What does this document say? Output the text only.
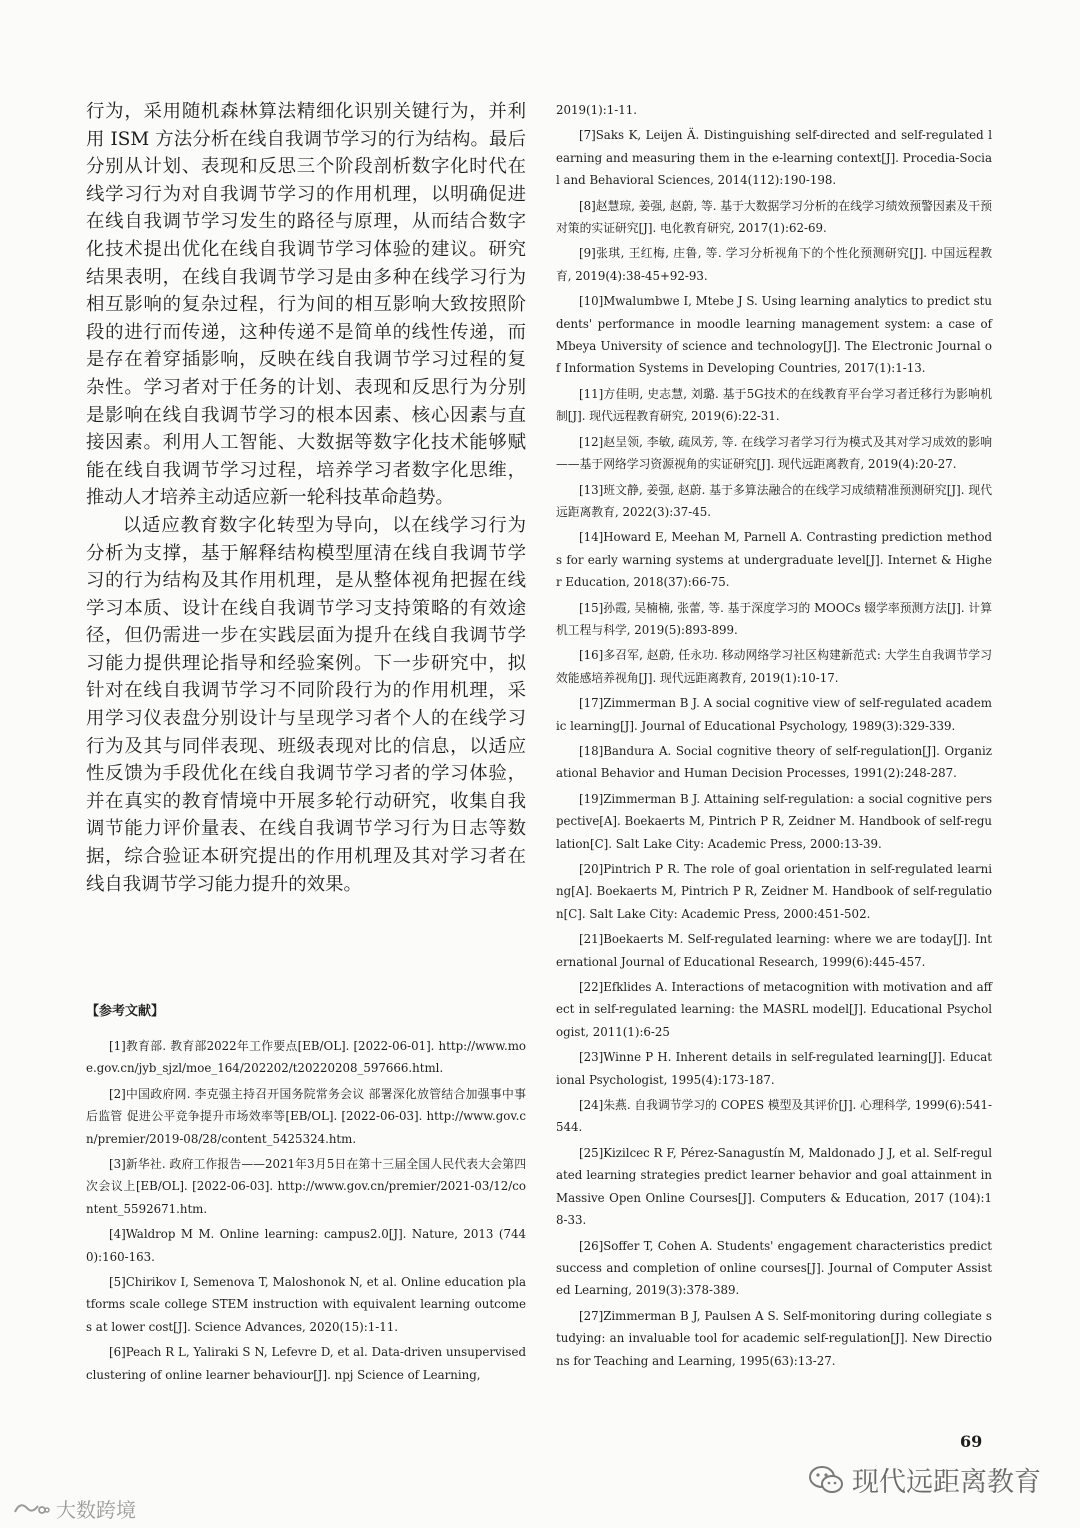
行为，采用随机森林算法精细化识别关键行为，并利用 ISM 方法分析在线自我调节学习的行为结构。最后分别从计划、表现和反思三个阶段剖析数字化时代在线学习行为对自我调节学习的作用机理，以明确促进在线自我调节学习发生的路径与原理，从而结合数字化技术提出优化在线自我调节学习体验的建议。研究结果表明，在线自我调节学习是由多种在线学习行为相互影响的复杂过程，行为间的相互影响大致按照阶段的进行而传递，这种传递不是简单的线性传递，而是存在着穿插影响，反映在线自我调节学习过程的复杂性。学习者对于任务的计划、表现和反思行为分别是影响在线自我调节学习的根本因素、核心因素与直接因素。利用人工智能、大数据等数字化技术能够赋能在线自我调节学习过程，培养学习者数字化思维，推动人才培养主动适应新一轮科技革命趋势。

以适应教育数字化转型为导向，以在线学习行为分析为支撑，基于解释结构模型厘清在线自我调节学习的行为结构及其作用机理，是从整体视角把握在线学习本质、设计在线自我调节学习支持策略的有效途径，但仍需进一步在实践层面为提升在线自我调节学习能力提供理论指导和经验案例。下一步研究中，拟针对在线自我调节学习不同阶段行为的作用机理，采用学习仪表盘分别设计与呈现学习者个人的在线学习行为及其与同伴表现、班级表现对比的信息，以适应性反馈为手段优化在线自我调节学习者的学习体验，并在真实的教育情境中开展多轮行动研究，收集自我调节能力评价量表、在线自我调节学习行为日志等数据，综合验证本研究提出的作用机理及其对学习者在线自我调节学习能力提升的效果。

【参考文献】

[1]教育部. 教育部2022年工作要点[EB/OL]. [2022-06-01]. http://www.moe.gov.cn/jyb_sjzl/moe_164/202202/t20220208_597666.html.

[2]中国政府网. 李克强主持召开国务院常务会议 部署深化放管结合加强事中事后监管 促进公平竞争提升市场效率等[EB/OL]. [2022-06-03]. http://www.gov.cn/premier/2019-08/28/content_5425324.htm.

[3]新华社. 政府工作报告——2021年3月5日在第十三届全国人民代表大会第四次会议上[EB/OL]. [2022-06-03]. http://www.gov.cn/premier/2021-03/12/content_5592671.htm.

[4]Waldrop M M. Online learning: campus2.0[J]. Nature, 2013 (7440):160-163.

[5]Chirikov I, Semenova T, Maloshonok N, et al. Online education platforms scale college STEM instruction with equivalent learning outcomes at lower cost[J]. Science Advances, 2020(15):1-11.

[6]Peach R L, Yaliraki S N, Lefevre D, et al. Data-driven unsupervised clustering of online learner behaviour[J]. npj Science of Learning,

2019(1):1-11.

[7]Saks K, Leijen Ä. Distinguishing self-directed and self-regulated learning and measuring them in the e-learning context[J]. Procedia-Social and Behavioral Sciences, 2014(112):190-198.

[8]赵慧琼, 姜强, 赵蔚, 等. 基于大数据学习分析的在线学习绩效预警因素及干预对策的实证研究[J]. 电化教育研究, 2017(1):62-69.

[9]张琪, 王红梅, 庄鲁, 等. 学习分析视角下的个性化预测研究[J]. 中国远程教育, 2019(4):38-45+92-93.

[10]Mwalumbwe I, Mtebe J S. Using learning analytics to predict students' performance in moodle learning management system: a case of Mbeya University of science and technology[J]. The Electronic Journal of Information Systems in Developing Countries, 2017(1):1-13.

[11]方佳明, 史志慧, 刘璐. 基于5G技术的在线教育平台学习者迁移行为影响机制[J]. 现代远程教育研究, 2019(6):22-31.

[12]赵呈领, 李敏, 疏凤芳, 等. 在线学习者学习行为模式及其对学习成效的影响——基于网络学习资源视角的实证研究[J]. 现代远距离教育, 2019(4):20-27.

[13]班文静, 姜强, 赵蔚. 基于多算法融合的在线学习成绩精准预测研究[J]. 现代远距离教育, 2022(3):37-45.

[14]Howard E, Meehan M, Parnell A. Contrasting prediction methods for early warning systems at undergraduate level[J]. Internet & Higher Education, 2018(37):66-75.

[15]孙霞, 吴楠楠, 张蕾, 等. 基于深度学习的 MOOCs 辍学率预测方法[J]. 计算机工程与科学, 2019(5):893-899.

[16]多召军, 赵蔚, 任永功. 移动网络学习社区构建新范式: 大学生自我调节学习效能感培养视角[J]. 现代远距离教育, 2019(1):10-17.

[17]Zimmerman B J. A social cognitive view of self-regulated academic learning[J]. Journal of Educational Psychology, 1989(3):329-339.

[18]Bandura A. Social cognitive theory of self-regulation[J]. Organizational Behavior and Human Decision Processes, 1991(2):248-287.

[19]Zimmerman B J. Attaining self-regulation: a social cognitive perspective[A]. Boekaerts M, Pintrich P R, Zeidner M. Handbook of self-regulation[C]. Salt Lake City: Academic Press, 2000:13-39.

[20]Pintrich P R. The role of goal orientation in self-regulated learning[A]. Boekaerts M, Pintrich P R, Zeidner M. Handbook of self-regulation[C]. Salt Lake City: Academic Press, 2000:451-502.

[21]Boekaerts M. Self-regulated learning: where we are today[J]. International Journal of Educational Research, 1999(6):445-457.

[22]Efklides A. Interactions of metacognition with motivation and affect in self-regulated learning: the MASRL model[J]. Educational Psychologist, 2011(1):6-25

[23]Winne P H. Inherent details in self-regulated learning[J]. Educational Psychologist, 1995(4):173-187.

[24]朱燕. 自我调节学习的 COPES 模型及其评价[J]. 心理科学, 1999(6):541-544.

[25]Kizilcec R F, Pérez-Sanagustín M, Maldonado J J, et al. Self-regulated learning strategies predict learner behavior and goal attainment in Massive Open Online Courses[J]. Computers & Education, 2017 (104):18-33.

[26]Soffer T, Cohen A. Students' engagement characteristics predict success and completion of online courses[J]. Journal of Computer Assisted Learning, 2019(3):378-389.

[27]Zimmerman B J, Paulsen A S. Self-monitoring during collegiate studying: an invaluable tool for academic self-regulation[J]. New Directions for Teaching and Learning, 1995(63):13-27.

69
现代远距离教育
大数跨境
